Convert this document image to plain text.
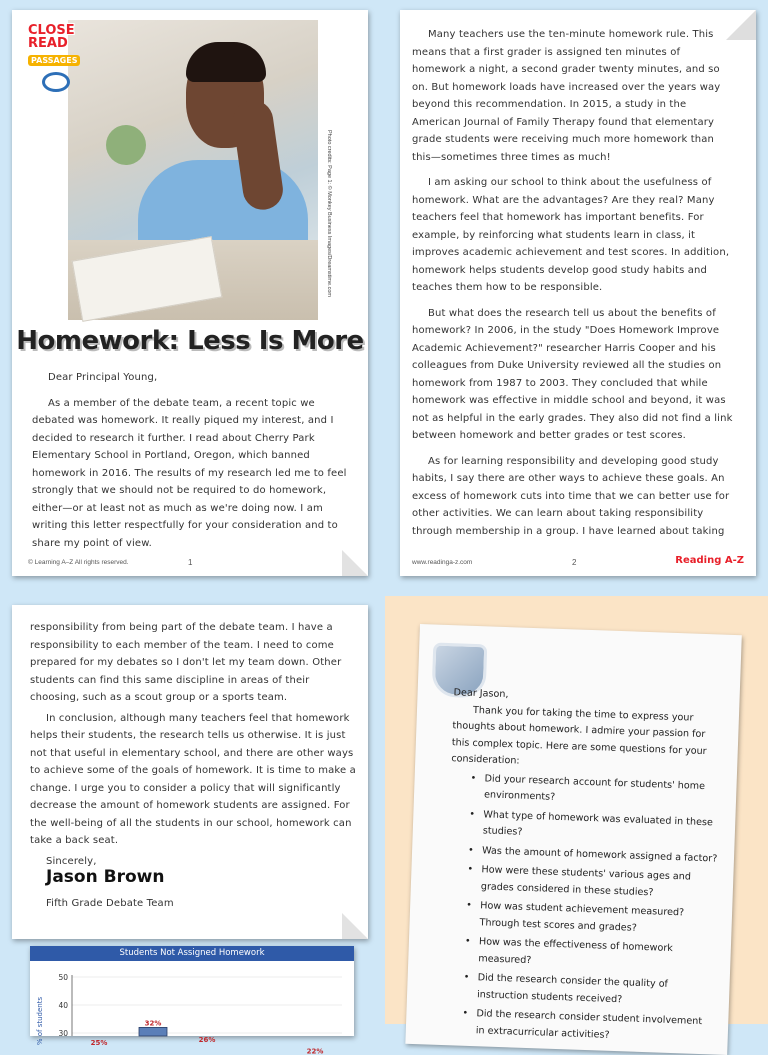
CLOSE
READ
PASSAGES
Photo credits: Page 1: © Monkey Business Images/Dreamstime.com
Homework: Less Is More

Dear Principal Young,

As a member of the debate team, a recent topic we debated was homework. It really piqued my interest, and I decided to research it further. I read about Cherry Park Elementary School in Portland, Oregon, which banned homework in 2016. The results of my research led me to feel strongly that we should not be required to do homework, either—or at least not as much as we're doing now. I am writing this letter respectfully for your consideration and to share my point of view.

© Learning A–Z All rights reserved.	1

Many teachers use the ten-minute homework rule. This means that a first grader is assigned ten minutes of homework a night, a second grader twenty minutes, and so on. But homework loads have increased over the years way beyond this recommendation. In 2015, a study in the American Journal of Family Therapy found that elementary grade students were receiving much more homework than this—sometimes three times as much!

I am asking our school to think about the usefulness of homework. What are the advantages? Are they real? Many teachers feel that homework has important benefits. For example, by reinforcing what students learn in class, it improves academic achievement and test scores. In addition, homework helps students develop good study habits and teaches them how to be responsible.

But what does the research tell us about the benefits of homework? In 2006, in the study "Does Homework Improve Academic Achievement?" researcher Harris Cooper and his colleagues from Duke University reviewed all the studies on homework from 1987 to 2003. They concluded that while homework was effective in middle school and beyond, it was not as helpful in the early grades. They also did not find a link between homework and better grades or test scores.

As for learning responsibility and developing good study habits, I say there are other ways to achieve these goals. An excess of homework cuts into time that we can better use for other activities. We can learn about taking responsibility through membership in a group. I have learned about taking

www.readinga-z.com	2	Reading A-Z

responsibility from being part of the debate team. I have a responsibility to each member of the team. I need to come prepared for my debates so I don't let my team down. Other students can find this same discipline in areas of their choosing, such as a scout group or a sports team.

In conclusion, although many teachers feel that homework helps their students, the research tells us otherwise. It is just not that useful in elementary school, and there are other ways to achieve some of the goals of homework. It is time to make a change. I urge you to consider a policy that will significantly decrease the amount of homework students are assigned. For the well-being of all the students in our school, homework can take a back seat.

Sincerely,

Jason Brown
Fifth Grade Debate Team
Students Not Assigned Homework
% of students
50
40
30
25%
32%
26%
22%

Dear Jason,

Thank you for taking the time to express your thoughts about homework. I admire your passion for this complex topic. Here are some questions for your consideration:

• Did your research account for students' home environments?
• What type of homework was evaluated in these studies?
• Was the amount of homework assigned a factor?
• How were these students' various ages and grades considered in these studies?
• How was student achievement measured? Through test scores and grades?
• How was the effectiveness of homework measured?
• Did the research consider the quality of instruction students received?
• Did the research consider student involvement in extracurricular activities?
